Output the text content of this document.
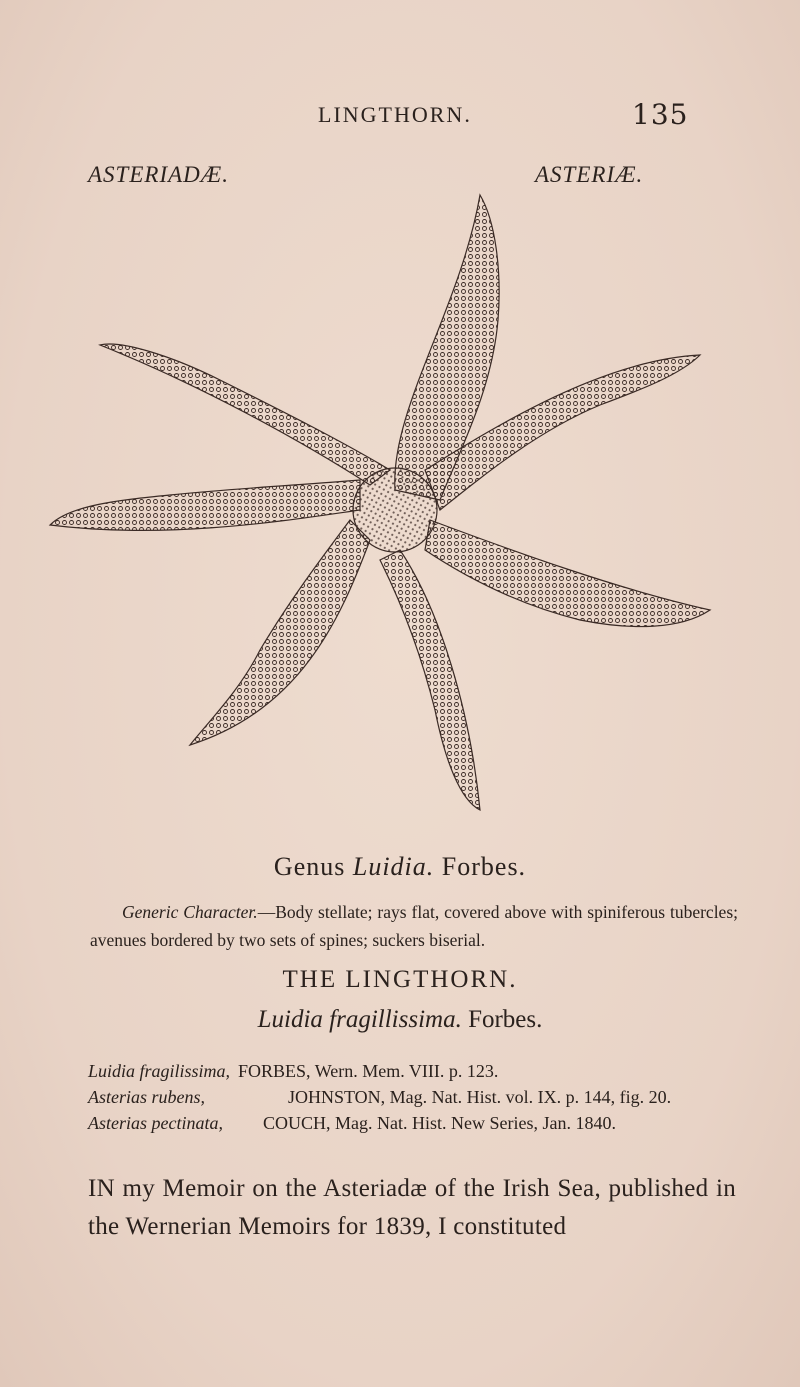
LINGTHORN.	135
ASTERIADÆ.	ASTERIÆ.
Genus Luidia. Forbes.
Generic Character.—Body stellate; rays flat, covered above with spiniferous tubercles; avenues bordered by two sets of spines; suckers biserial.
THE LINGTHORN.
Luidia fragillissima. Forbes.
Luidia fragilissima, FORBES, Wern. Mem. VIII. p. 123.
Asterias rubens,	JOHNSTON, Mag. Nat. Hist. vol. IX. p. 144, fig. 20.
Asterias pectinata, COUCH, Mag. Nat. Hist. New Series, Jan. 1840.
IN my Memoir on the Asteriadæ of the Irish Sea, published in the Wernerian Memoirs for 1839, I constituted
